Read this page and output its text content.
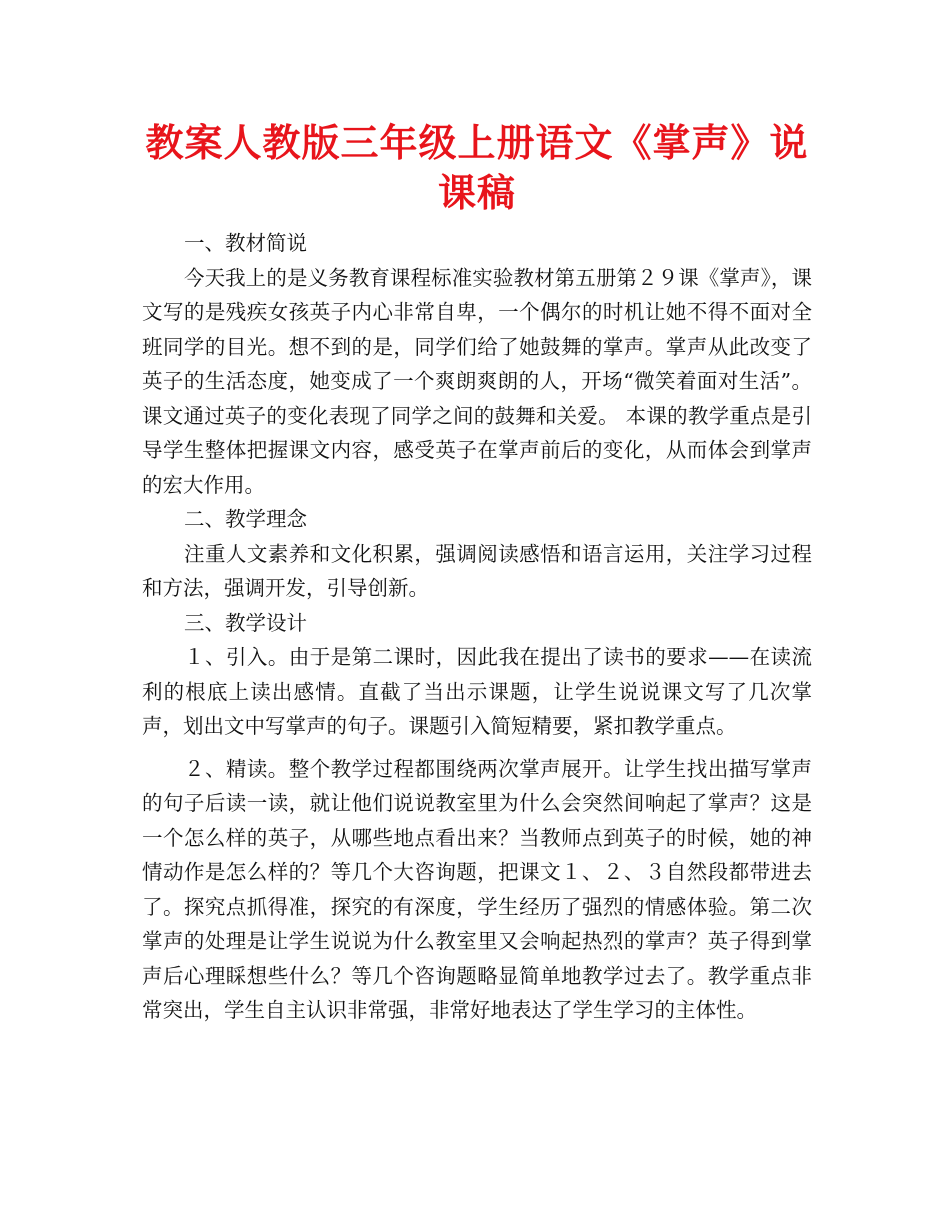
教案人教版三年级上册语文《掌声》说课稿

一、教材简说

今天我上的是义务教育课程标准实验教材第五册第２９课《掌声》，课文写的是残疾女孩英子内心非常自卑，一个偶尔的时机让她不得不面对全班同学的目光。想不到的是，同学们给了她鼓舞的掌声。掌声从此改变了英子的生活态度，她变成了一个爽朗爽朗的人，开场“微笑着面对生活”。课文通过英子的变化表现了同学之间的鼓舞和关爱。 本课的教学重点是引导学生整体把握课文内容，感受英子在掌声前后的变化，从而体会到掌声的宏大作用。

二、教学理念

注重人文素养和文化积累，强调阅读感悟和语言运用，关注学习过程和方法，强调开发，引导创新。

三、教学设计

１、引入。由于是第二课时，因此我在提出了读书的要求——在读流利的根底上读出感情。直截了当出示课题，让学生说说课文写了几次掌声，划出文中写掌声的句子。课题引入简短精要，紧扣教学重点。

２、精读。整个教学过程都围绕两次掌声展开。让学生找出描写掌声的句子后读一读，就让他们说说教室里为什么会突然间响起了掌声？这是一个怎么样的英子，从哪些地点看出来？当教师点到英子的时候，她的神情动作是怎么样的？等几个大咨询题，把课文１、２、３自然段都带进去了。探究点抓得准，探究的有深度，学生经历了强烈的情感体验。第二次掌声的处理是让学生说说为什么教室里又会响起热烈的掌声？英子得到掌声后心理睬想些什么？等几个咨询题略显简单地教学过去了。教学重点非常突出，学生自主认识非常强，非常好地表达了学生学习的主体性。
